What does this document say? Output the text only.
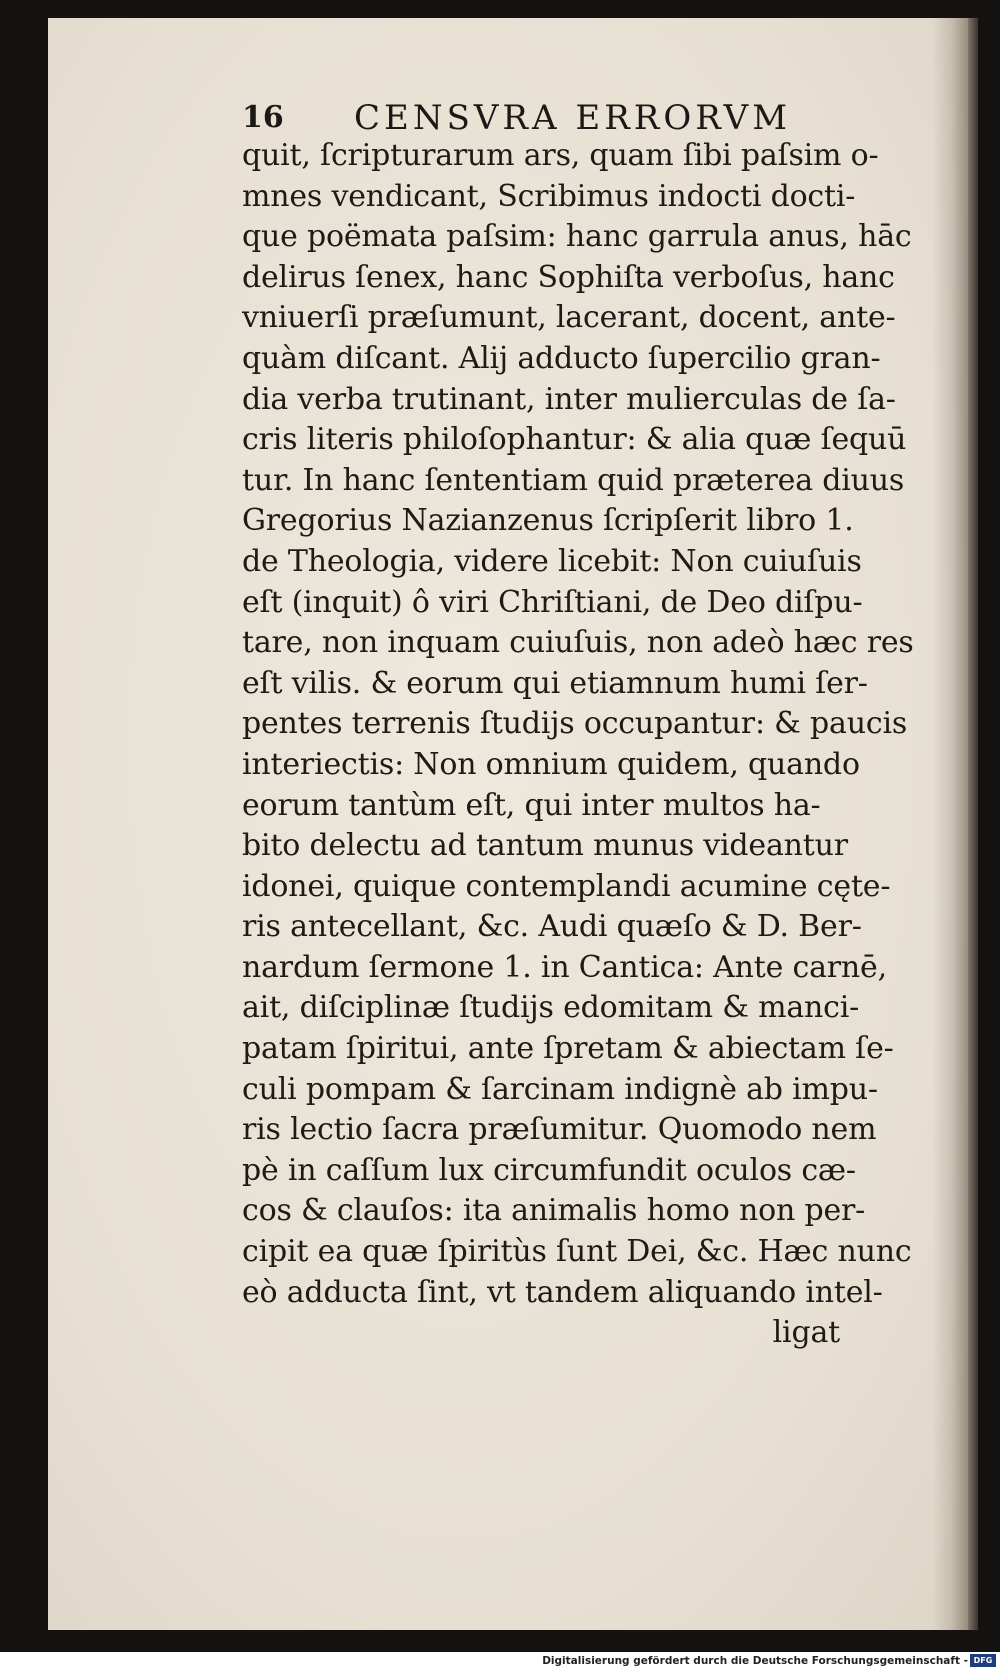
16 CENSVRA ERRORVM
quit, ſcripturarum ars, quam ſibi paſsim o-
mnes vendicant, Scribimus indocti docti-
que poëmata paſsim: hanc garrula anus, hāc
delirus ſenex, hanc Sophiſta verboſus, hanc
vniuerſi præſumunt, lacerant, docent, ante-
quàm diſcant. Alij adducto ſupercilio gran-
dia verba trutinant, inter mulierculas de ſa-
cris literis philoſophantur: & alia quæ ſequū
tur. In hanc ſententiam quid prætereа diuus
Gregorius Nazianzenus ſcripſerit libro 1.
de Theologia, videre licebit: Non cuiuſuis
eſt (inquit) ô viri Chriſtiani, de Deo diſpu-
tare, non inquam cuiuſuis, non adeò hæc res
eſt vilis. & eorum qui etiamnum humi ſer-
pentes terrenis ſtudijs occupantur: & paucis
interiectis: Non omnium quidem, quando
eorum tantùm eſt, qui inter multos ha-
bito delectu ad tantum munus videantur
idonei, quique contemplandi acumine cęte-
ris antecellant, &c. Audi quæſo & D. Ber-
nardum ſermone 1. in Cantica: Ante carnē,
ait, diſciplinæ ſtudijs edomitam & manci-
patam ſpiritui, ante ſpretam & abiectam ſe-
culi pompam & ſarcinam indignè ab impu-
ris lectio ſacra præſumitur. Quomodo nem
pè in caſſum lux circumfundit oculos cæ-
cos & clauſos: ita animalis homo non per-
cipit ea quæ ſpiritùs ſunt Dei, &c. Hæc nunc
eò adducta ſint, vt tandem aliquando intel-
ligat
Digitalisierung gefördert durch die Deutsche Forschungsgemeinschaft - DFG
